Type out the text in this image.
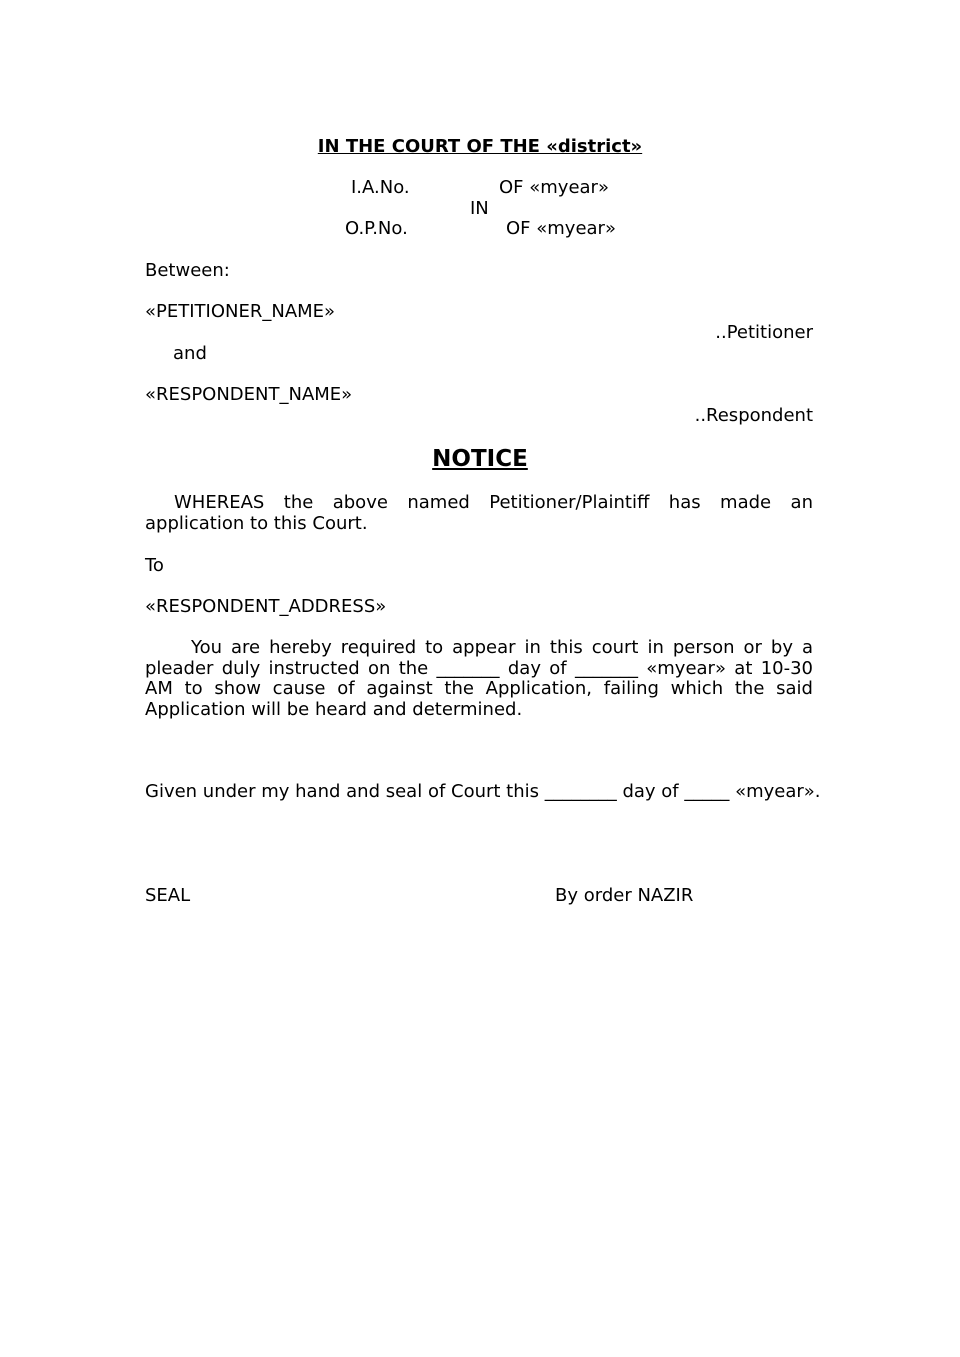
IN THE COURT OF THE «district»
I.A.No.	OF «myear»
IN
O.P.No.	OF «myear»
Between:
«PETITIONER_NAME»
..Petitioner
and
«RESPONDENT_NAME»
..Respondent
NOTICE
WHEREAS the above named Petitioner/Plaintiff has made an application to this Court.
To
«RESPONDENT_ADDRESS»
You are hereby required to appear in this court in person or by a pleader duly instructed on the _______ day of _______ «myear» at 10-30 AM to show cause of against the Application, failing which the said Application will be heard and determined.
Given under my hand and seal of Court this ________ day of _____ «myear».
SEAL	By order NAZIR
